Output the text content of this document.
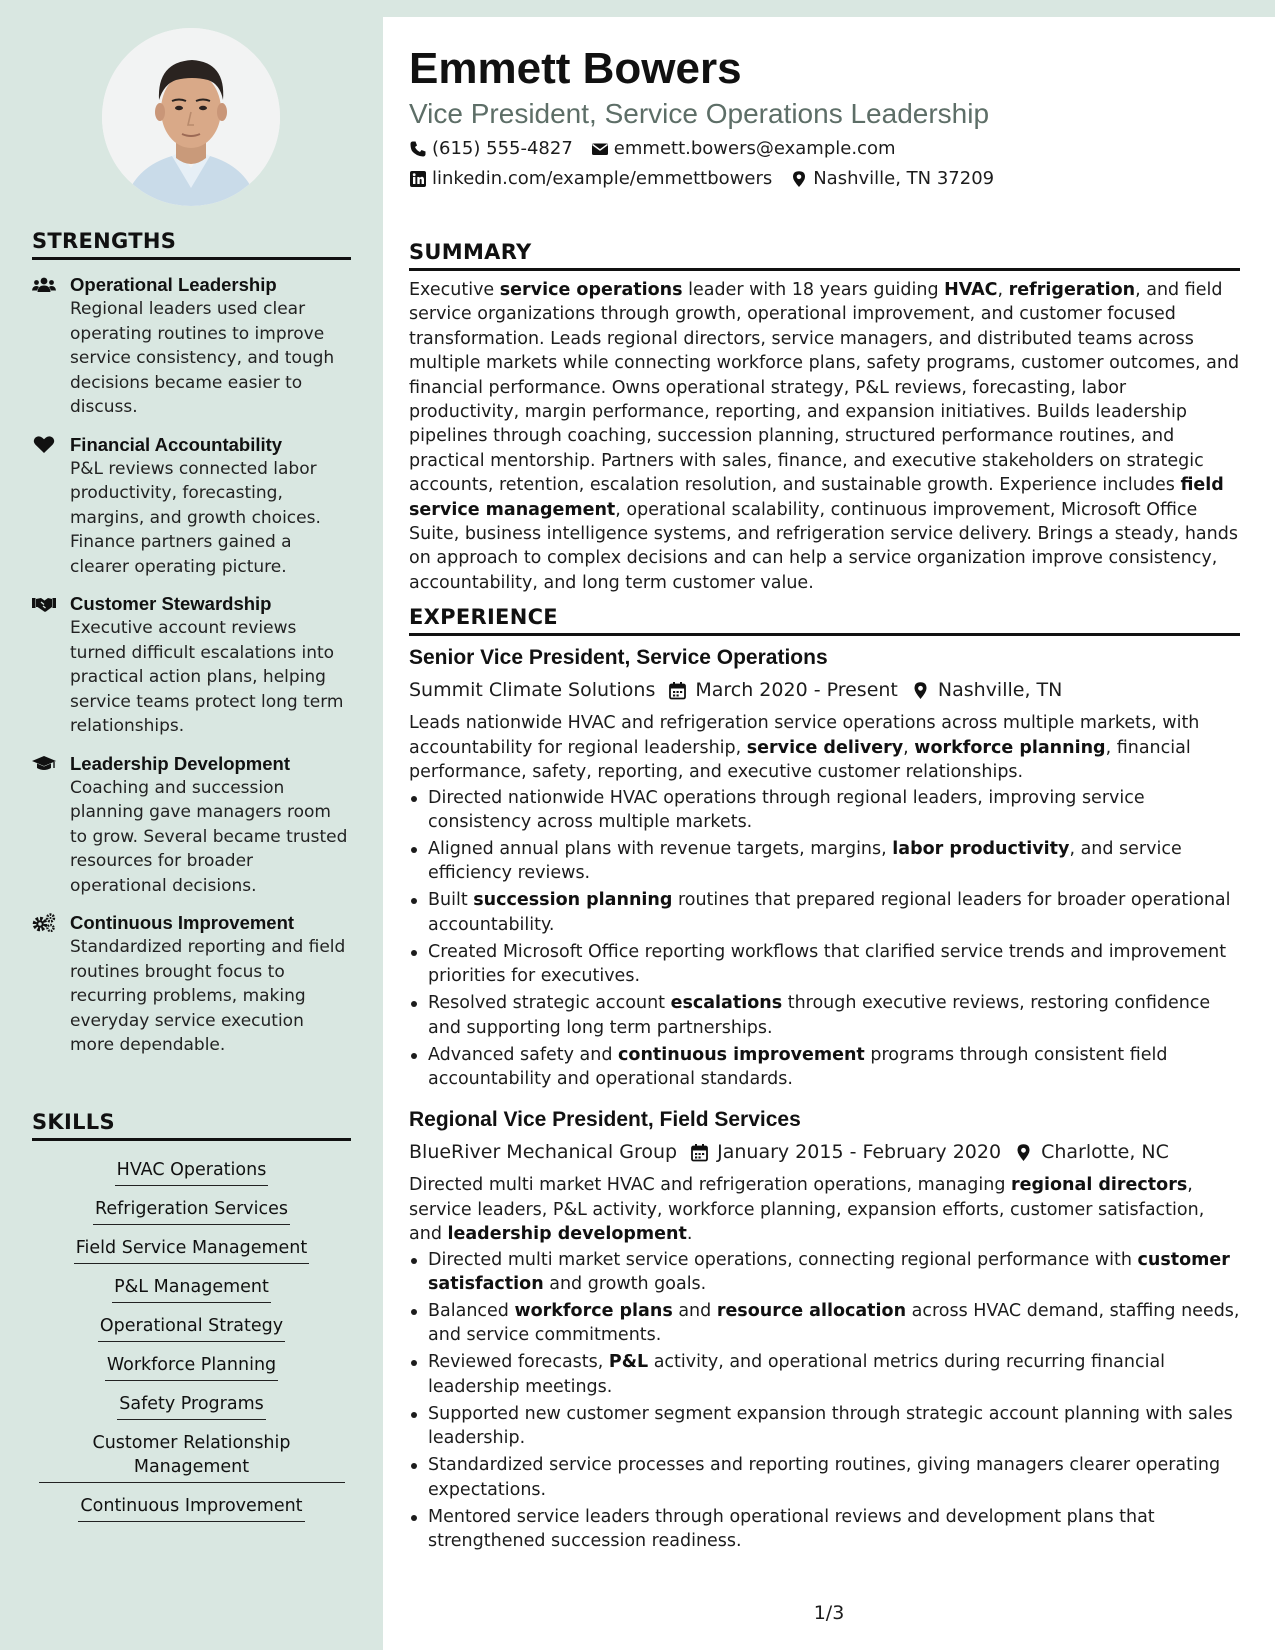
STRENGTHS
Operational Leadership
Regional leaders used clear operating routines to improve service consistency, and tough decisions became easier to discuss.
Financial Accountability
P&L reviews connected labor productivity, forecasting, margins, and growth choices. Finance partners gained a clearer operating picture.
Customer Stewardship
Executive account reviews turned difficult escalations into practical action plans, helping service teams protect long term relationships.
Leadership Development
Coaching and succession planning gave managers room to grow. Several became trusted resources for broader operational decisions.
Continuous Improvement
Standardized reporting and field routines brought focus to recurring problems, making everyday service execution more dependable.
SKILLS
HVAC Operations
Refrigeration Services
Field Service Management
P&L Management
Operational Strategy
Workforce Planning
Safety Programs
Customer Relationship Management
Continuous Improvement
Emmett Bowers
Vice President, Service Operations Leadership
(615) 555-4827 emmett.bowers@example.com
linkedin.com/example/emmettbowers Nashville, TN 37209
SUMMARY
Executive service operations leader with 18 years guiding HVAC, refrigeration, and field service organizations through growth, operational improvement, and customer focused transformation. Leads regional directors, service managers, and distributed teams across multiple markets while connecting workforce plans, safety programs, customer outcomes, and financial performance. Owns operational strategy, P&L reviews, forecasting, labor productivity, margin performance, reporting, and expansion initiatives. Builds leadership pipelines through coaching, succession planning, structured performance routines, and practical mentorship. Partners with sales, finance, and executive stakeholders on strategic accounts, retention, escalation resolution, and sustainable growth. Experience includes field service management, operational scalability, continuous improvement, Microsoft Office Suite, business intelligence systems, and refrigeration service delivery. Brings a steady, hands on approach to complex decisions and can help a service organization improve consistency, accountability, and long term customer value.
EXPERIENCE
Senior Vice President, Service Operations
Summit Climate Solutions March 2020 - Present Nashville, TN
Leads nationwide HVAC and refrigeration service operations across multiple markets, with accountability for regional leadership, service delivery, workforce planning, financial performance, safety, reporting, and executive customer relationships.
Directed nationwide HVAC operations through regional leaders, improving service consistency across multiple markets.
Aligned annual plans with revenue targets, margins, labor productivity, and service efficiency reviews.
Built succession planning routines that prepared regional leaders for broader operational accountability.
Created Microsoft Office reporting workflows that clarified service trends and improvement priorities for executives.
Resolved strategic account escalations through executive reviews, restoring confidence and supporting long term partnerships.
Advanced safety and continuous improvement programs through consistent field accountability and operational standards.
Regional Vice President, Field Services
BlueRiver Mechanical Group January 2015 - February 2020 Charlotte, NC
Directed multi market HVAC and refrigeration operations, managing regional directors, service leaders, P&L activity, workforce planning, expansion efforts, customer satisfaction, and leadership development.
Directed multi market service operations, connecting regional performance with customer satisfaction and growth goals.
Balanced workforce plans and resource allocation across HVAC demand, staffing needs, and service commitments.
Reviewed forecasts, P&L activity, and operational metrics during recurring financial leadership meetings.
Supported new customer segment expansion through strategic account planning with sales leadership.
Standardized service processes and reporting routines, giving managers clearer operating expectations.
Mentored service leaders through operational reviews and development plans that strengthened succession readiness.
1/3
